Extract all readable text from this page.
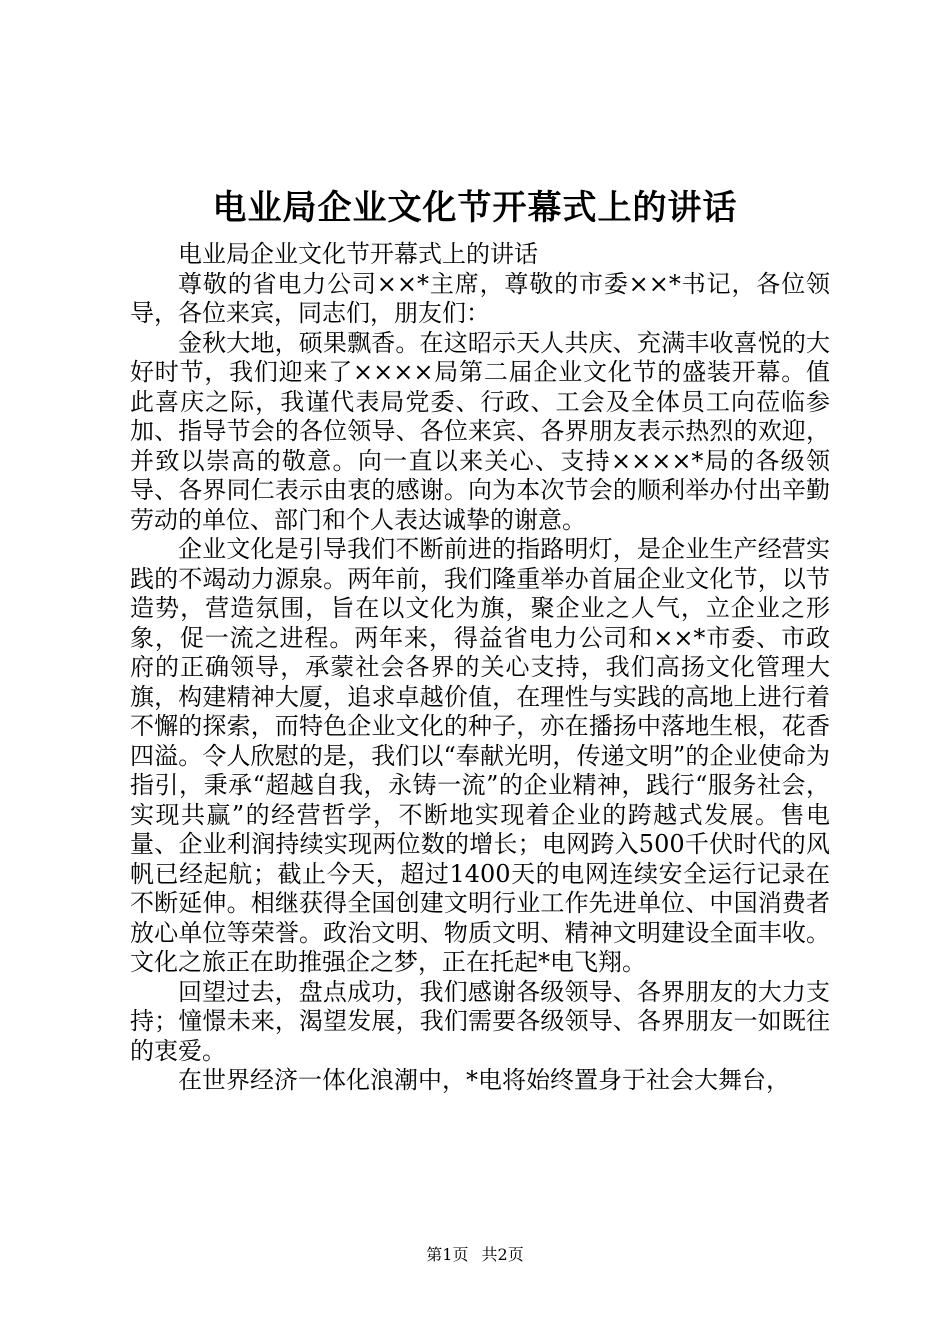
电业局企业文化节开幕式上的讲话

电业局企业文化节开幕式上的讲话

尊敬的省电力公司××*主席，尊敬的市委××*书记，各位领导，各位来宾，同志们，朋友们：

金秋大地，硕果飘香。在这昭示天人共庆、充满丰收喜悦的大好时节，我们迎来了××××局第二届企业文化节的盛装开幕。值此喜庆之际，我谨代表局党委、行政、工会及全体员工向莅临参加、指导节会的各位领导、各位来宾、各界朋友表示热烈的欢迎，并致以崇高的敬意。向一直以来关心、支持××××*局的各级领导、各界同仁表示由衷的感谢。向为本次节会的顺利举办付出辛勤劳动的单位、部门和个人表达诚挚的谢意。

企业文化是引导我们不断前进的指路明灯，是企业生产经营实践的不竭动力源泉。两年前，我们隆重举办首届企业文化节，以节造势，营造氛围，旨在以文化为旗，聚企业之人气，立企业之形象，促一流之进程。两年来，得益省电力公司和××*市委、市政府的正确领导，承蒙社会各界的关心支持，我们高扬文化管理大旗，构建精神大厦，追求卓越价值，在理性与实践的高地上进行着不懈的探索，而特色企业文化的种子，亦在播扬中落地生根，花香四溢。令人欣慰的是，我们以“奉献光明，传递文明”的企业使命为指引，秉承“超越自我，永铸一流”的企业精神，践行“服务社会，实现共赢”的经营哲学，不断地实现着企业的跨越式发展。售电量、企业利润持续实现两位数的增长；电网跨入500千伏时代的风帆已经起航；截止今天，超过1400天的电网连续安全运行记录在不断延伸。相继获得全国创建文明行业工作先进单位、中国消费者放心单位等荣誉。政治文明、物质文明、精神文明建设全面丰收。文化之旅正在助推强企之梦，正在托起*电飞翔。

回望过去，盘点成功，我们感谢各级领导、各界朋友的大力支持；憧憬未来，渴望发展，我们需要各级领导、各界朋友一如既往的衷爱。

在世界经济一体化浪潮中，*电将始终置身于社会大舞台，

第1页 共2页
